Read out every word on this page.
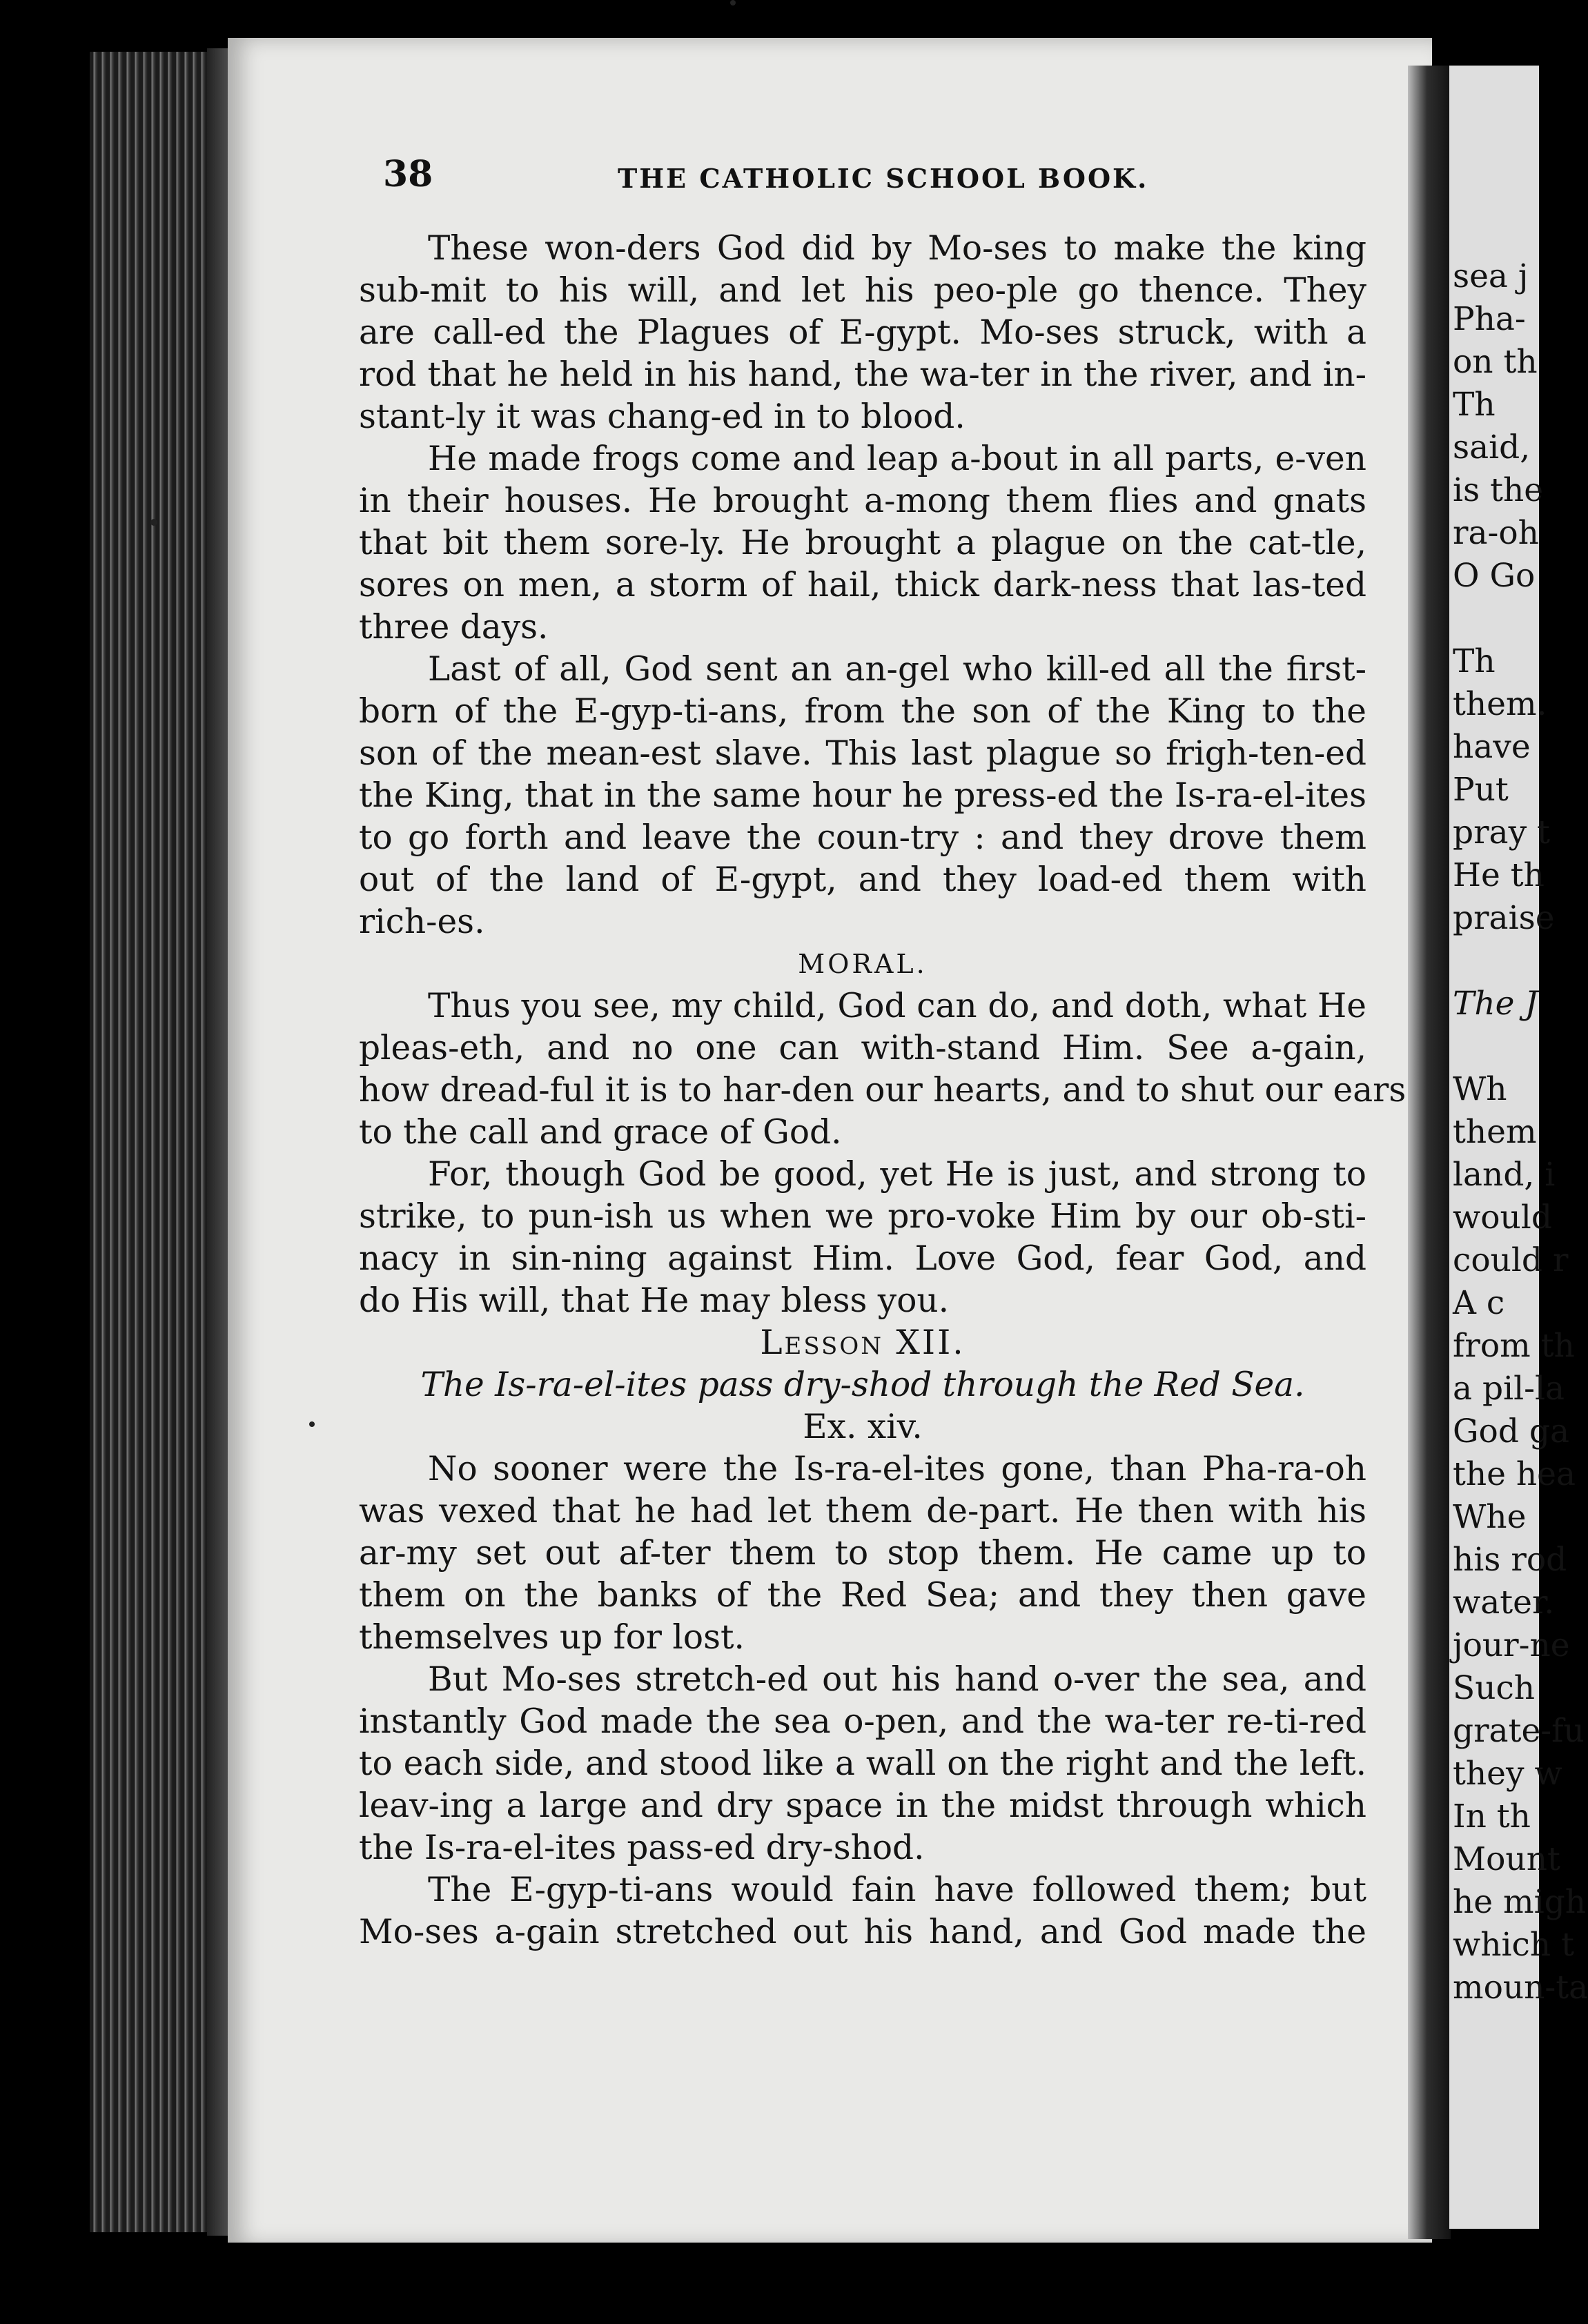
38	THE CATHOLIC SCHOOL BOOK.
These won-ders God did by Mo-ses to make the king
sub-mit to his will, and let his peo-ple go thence. They
are call-ed the Plagues of E-gypt. Mo-ses struck, with a
rod that he held in his hand, the wa-ter in the river, and in-
stant-ly it was chang-ed in to blood.
He made frogs come and leap a-bout in all parts, e-ven
in their houses. He brought a-mong them flies and gnats
that bit them sore-ly. He brought a plague on the cat-tle,
sores on men, a storm of hail, thick dark-ness that las-ted
three days.
Last of all, God sent an an-gel who kill-ed all the first-
born of the E-gyp-ti-ans, from the son of the King to the
son of the mean-est slave. This last plague so frigh-ten-ed
the King, that in the same hour he press-ed the Is-ra-el-ites
to go forth and leave the coun-try : and they drove them
out of the land of E-gypt, and they load-ed them with
rich-es.
MORAL.
Thus you see, my child, God can do, and doth, what He
pleas-eth, and no one can with-stand Him. See a-gain,
how dread-ful it is to har-den our hearts, and to shut our ears
to the call and grace of God.
For, though God be good, yet He is just, and strong to
strike, to pun-ish us when we pro-voke Him by our ob-sti-
nacy in sin-ning against Him. Love God, fear God, and
do His will, that He may bless you.
Lesson XII.
The Is-ra-el-ites pass dry-shod through the Red Sea.
Ex. xiv.
No sooner were the Is-ra-el-ites gone, than Pha-ra-oh
was vexed that he had let them de-part. He then with his
ar-my set out af-ter them to stop them. He came up to
them on the banks of the Red Sea; and they then gave
themselves up for lost.
But Mo-ses stretch-ed out his hand o-ver the sea, and
instantly God made the sea o-pen, and the wa-ter re-ti-red
to each side, and stood like a wall on the right and the left.
leav-ing a large and dry space in the midst through which
the Is-ra-el-ites pass-ed dry-shod.
The E-gyp-ti-ans would fain have followed them; but
Mo-ses a-gain stretched out his hand, and God made the
sea j
Pha-
on th
Th
said,
is the
ra-oh
O Go
Th
them.
have
Put
pray t
He th
praise
The J
Wh
them
land, i
would
could r
A c
from th
a pil-la
God ga
the hea
Whe
his rod
water.
jour-ne
Such
grate-fu
they w
In th
Mount
he migh
which t
moun-ta
